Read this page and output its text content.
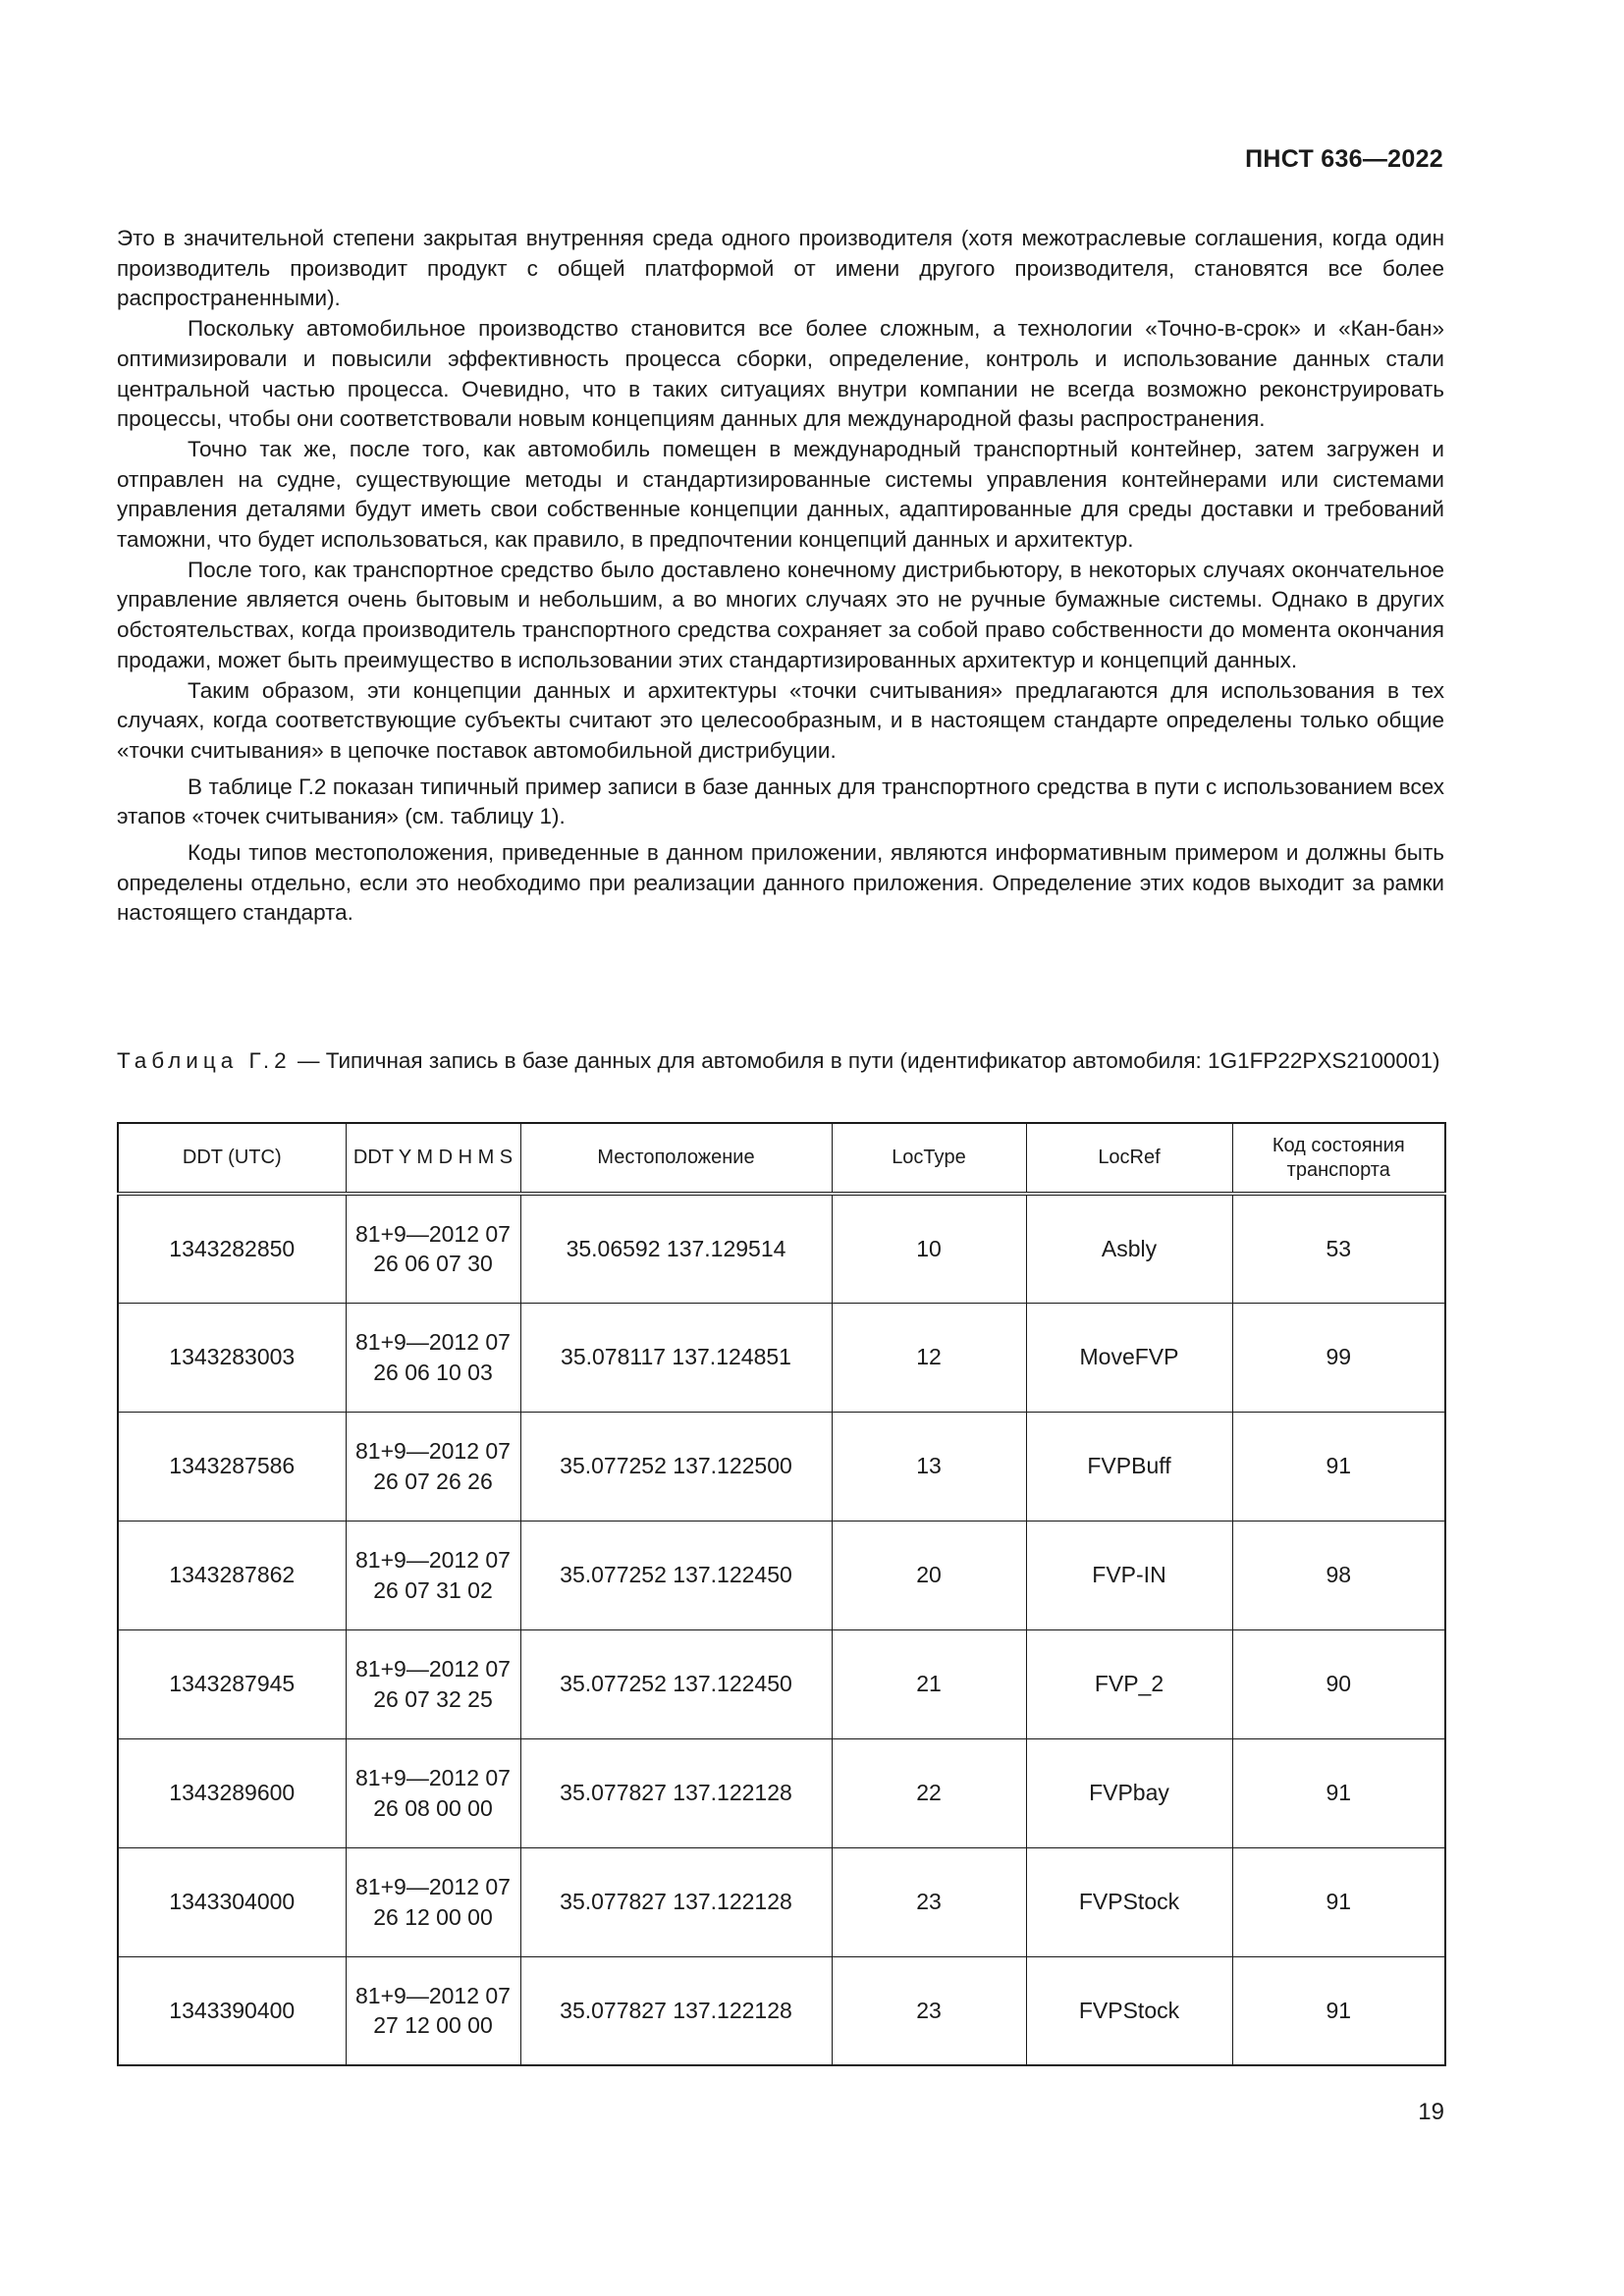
ПНСТ 636—2022

Это в значительной степени закрытая внутренняя среда одного производителя (хотя межотраслевые соглашения, когда один производитель производит продукт с общей платформой от имени другого производителя, становятся все более распространенными).

Поскольку автомобильное производство становится все более сложным, а технологии «Точно-в-срок» и «Кан-бан» оптимизировали и повысили эффективность процесса сборки, определение, контроль и использование данных стали центральной частью процесса. Очевидно, что в таких ситуациях внутри компании не всегда возможно реконструировать процессы, чтобы они соответствовали новым концепциям данных для международной фазы распространения.

Точно так же, после того, как автомобиль помещен в международный транспортный контейнер, затем загружен и отправлен на судне, существующие методы и стандартизированные системы управления контейнерами или системами управления деталями будут иметь свои собственные концепции данных, адаптированные для среды доставки и требований таможни, что будет использоваться, как правило, в предпочтении концепций данных и архитектур.

После того, как транспортное средство было доставлено конечному дистрибьютору, в некоторых случаях окончательное управление является очень бытовым и небольшим, а во многих случаях это не ручные бумажные системы. Однако в других обстоятельствах, когда производитель транспортного средства сохраняет за собой право собственности до момента окончания продажи, может быть преимущество в использовании этих стандартизированных архитектур и концепций данных.

Таким образом, эти концепции данных и архитектуры «точки считывания» предлагаются для использования в тех случаях, когда соответствующие субъекты считают это целесообразным, и в настоящем стандарте определены только общие «точки считывания» в цепочке поставок автомобильной дистрибуции.

В таблице Г.2 показан типичный пример записи в базе данных для транспортного средства в пути с использованием всех этапов «точек считывания» (см. таблицу 1).

Коды типов местоположения, приведенные в данном приложении, являются информативным примером и должны быть определены отдельно, если это необходимо при реализации данного приложения. Определение этих кодов выходит за рамки настоящего стандарта.

Таблица Г.2 — Типичная запись в базе данных для автомобиля в пути (идентификатор автомобиля: 1G1FP22PXS2100001)
DDT (UTC)	DDT Y M D H M S	Местоположение	LocType	LocRef	Код состояния транспорта
1343282850	81+9—2012 07 26 06 07 30	35.06592 137.129514	10	Asbly	53
1343283003	81+9—2012 07 26 06 10 03	35.078117 137.124851	12	MoveFVP	99
1343287586	81+9—2012 07 26 07 26 26	35.077252 137.122500	13	FVPBuff	91
1343287862	81+9—2012 07 26 07 31 02	35.077252 137.122450	20	FVP-IN	98
1343287945	81+9—2012 07 26 07 32 25	35.077252 137.122450	21	FVP_2	90
1343289600	81+9—2012 07 26 08 00 00	35.077827 137.122128	22	FVPbay	91
1343304000	81+9—2012 07 26 12 00 00	35.077827 137.122128	23	FVPStock	91
1343390400	81+9—2012 07 27 12 00 00	35.077827 137.122128	23	FVPStock	91
19
